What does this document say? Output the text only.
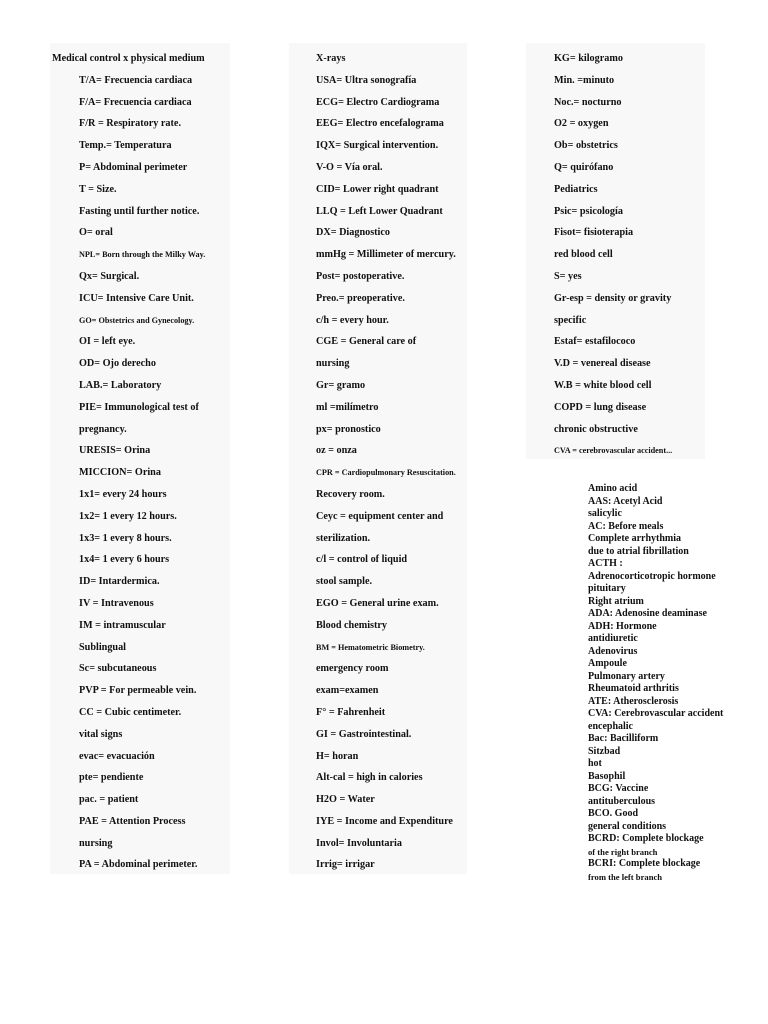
Medical control x physical medium
T/A= Frecuencia cardiaca
F/A= Frecuencia cardiaca
F/R = Respiratory rate.
Temp.= Temperatura
P= Abdominal perimeter
T = Size.
Fasting until further notice.
O= oral
NPL= Born through the Milky Way.
Qx= Surgical.
ICU= Intensive Care Unit.
GO= Obstetrics and Gynecology.
OI = left eye.
OD= Ojo derecho
LAB.= Laboratory
PIE= Immunological test of
pregnancy.
URESIS= Orina
MICCION= Orina
1x1= every 24 hours
1x2= 1 every 12 hours.
1x3= 1 every 8 hours.
1x4= 1 every 6 hours
ID= Intardermica.
IV = Intravenous
IM = intramuscular
Sublingual
Sc= subcutaneous
PVP = For permeable vein.
CC = Cubic centimeter.
vital signs
evac= evacuación
pte= pendiente
pac. = patient
PAE = Attention Process
nursing
PA = Abdominal perimeter.
X-rays
USA= Ultra sonografía
ECG= Electro Cardiograma
EEG= Electro encefalograma
IQX= Surgical intervention.
V-O = Vía oral.
CID= Lower right quadrant
LLQ = Left Lower Quadrant
DX= Diagnostico
mmHg = Millimeter of mercury.
Post= postoperative.
Preo.= preoperative.
c/h = every hour.
CGE = General care of
nursing
Gr= gramo
ml =milímetro
px= pronostico
oz = onza
CPR = Cardiopulmonary Resuscitation.
Recovery room.
Ceyc = equipment center and
sterilization.
c/l = control of liquid
stool sample.
EGO = General urine exam.
Blood chemistry
BM = Hematometric Biometry.
emergency room
exam=examen
F° = Fahrenheit
GI = Gastrointestinal.
H= horan
Alt-cal = high in calories
H2O = Water
IYE = Income and Expenditure
Invol= Involuntaria
Irrig= irrigar
KG= kilogramo
Min. =minuto
Noc.= nocturno
O2 = oxygen
Ob= obstetrics
Q= quirófano
Pediatrics
Psic= psicología
Fisot= fisioterapia
red blood cell
S= yes
Gr-esp = density or gravity
specific
Estaf= estafilococo
V.D = venereal disease
W.B = white blood cell
COPD = lung disease
chronic obstructive
CVA = cerebrovascular accident...
Amino acid
AAS: Acetyl Acid
salicylic
AC: Before meals
Complete arrhythmia
due to atrial fibrillation
ACTH :
Adrenocorticotropic hormone
pituitary
Right atrium
ADA: Adenosine deaminase
ADH: Hormone
antidiuretic
Adenovirus
Ampoule
Pulmonary artery
Rheumatoid arthritis
ATE: Atherosclerosis
CVA: Cerebrovascular accident
encephalic
Bac: Bacilliform
Sitzbad
hot
Basophil
BCG: Vaccine
antituberculous
BCO. Good
general conditions
BCRD: Complete blockage
of the right branch
BCRI: Complete blockage
from the left branch
